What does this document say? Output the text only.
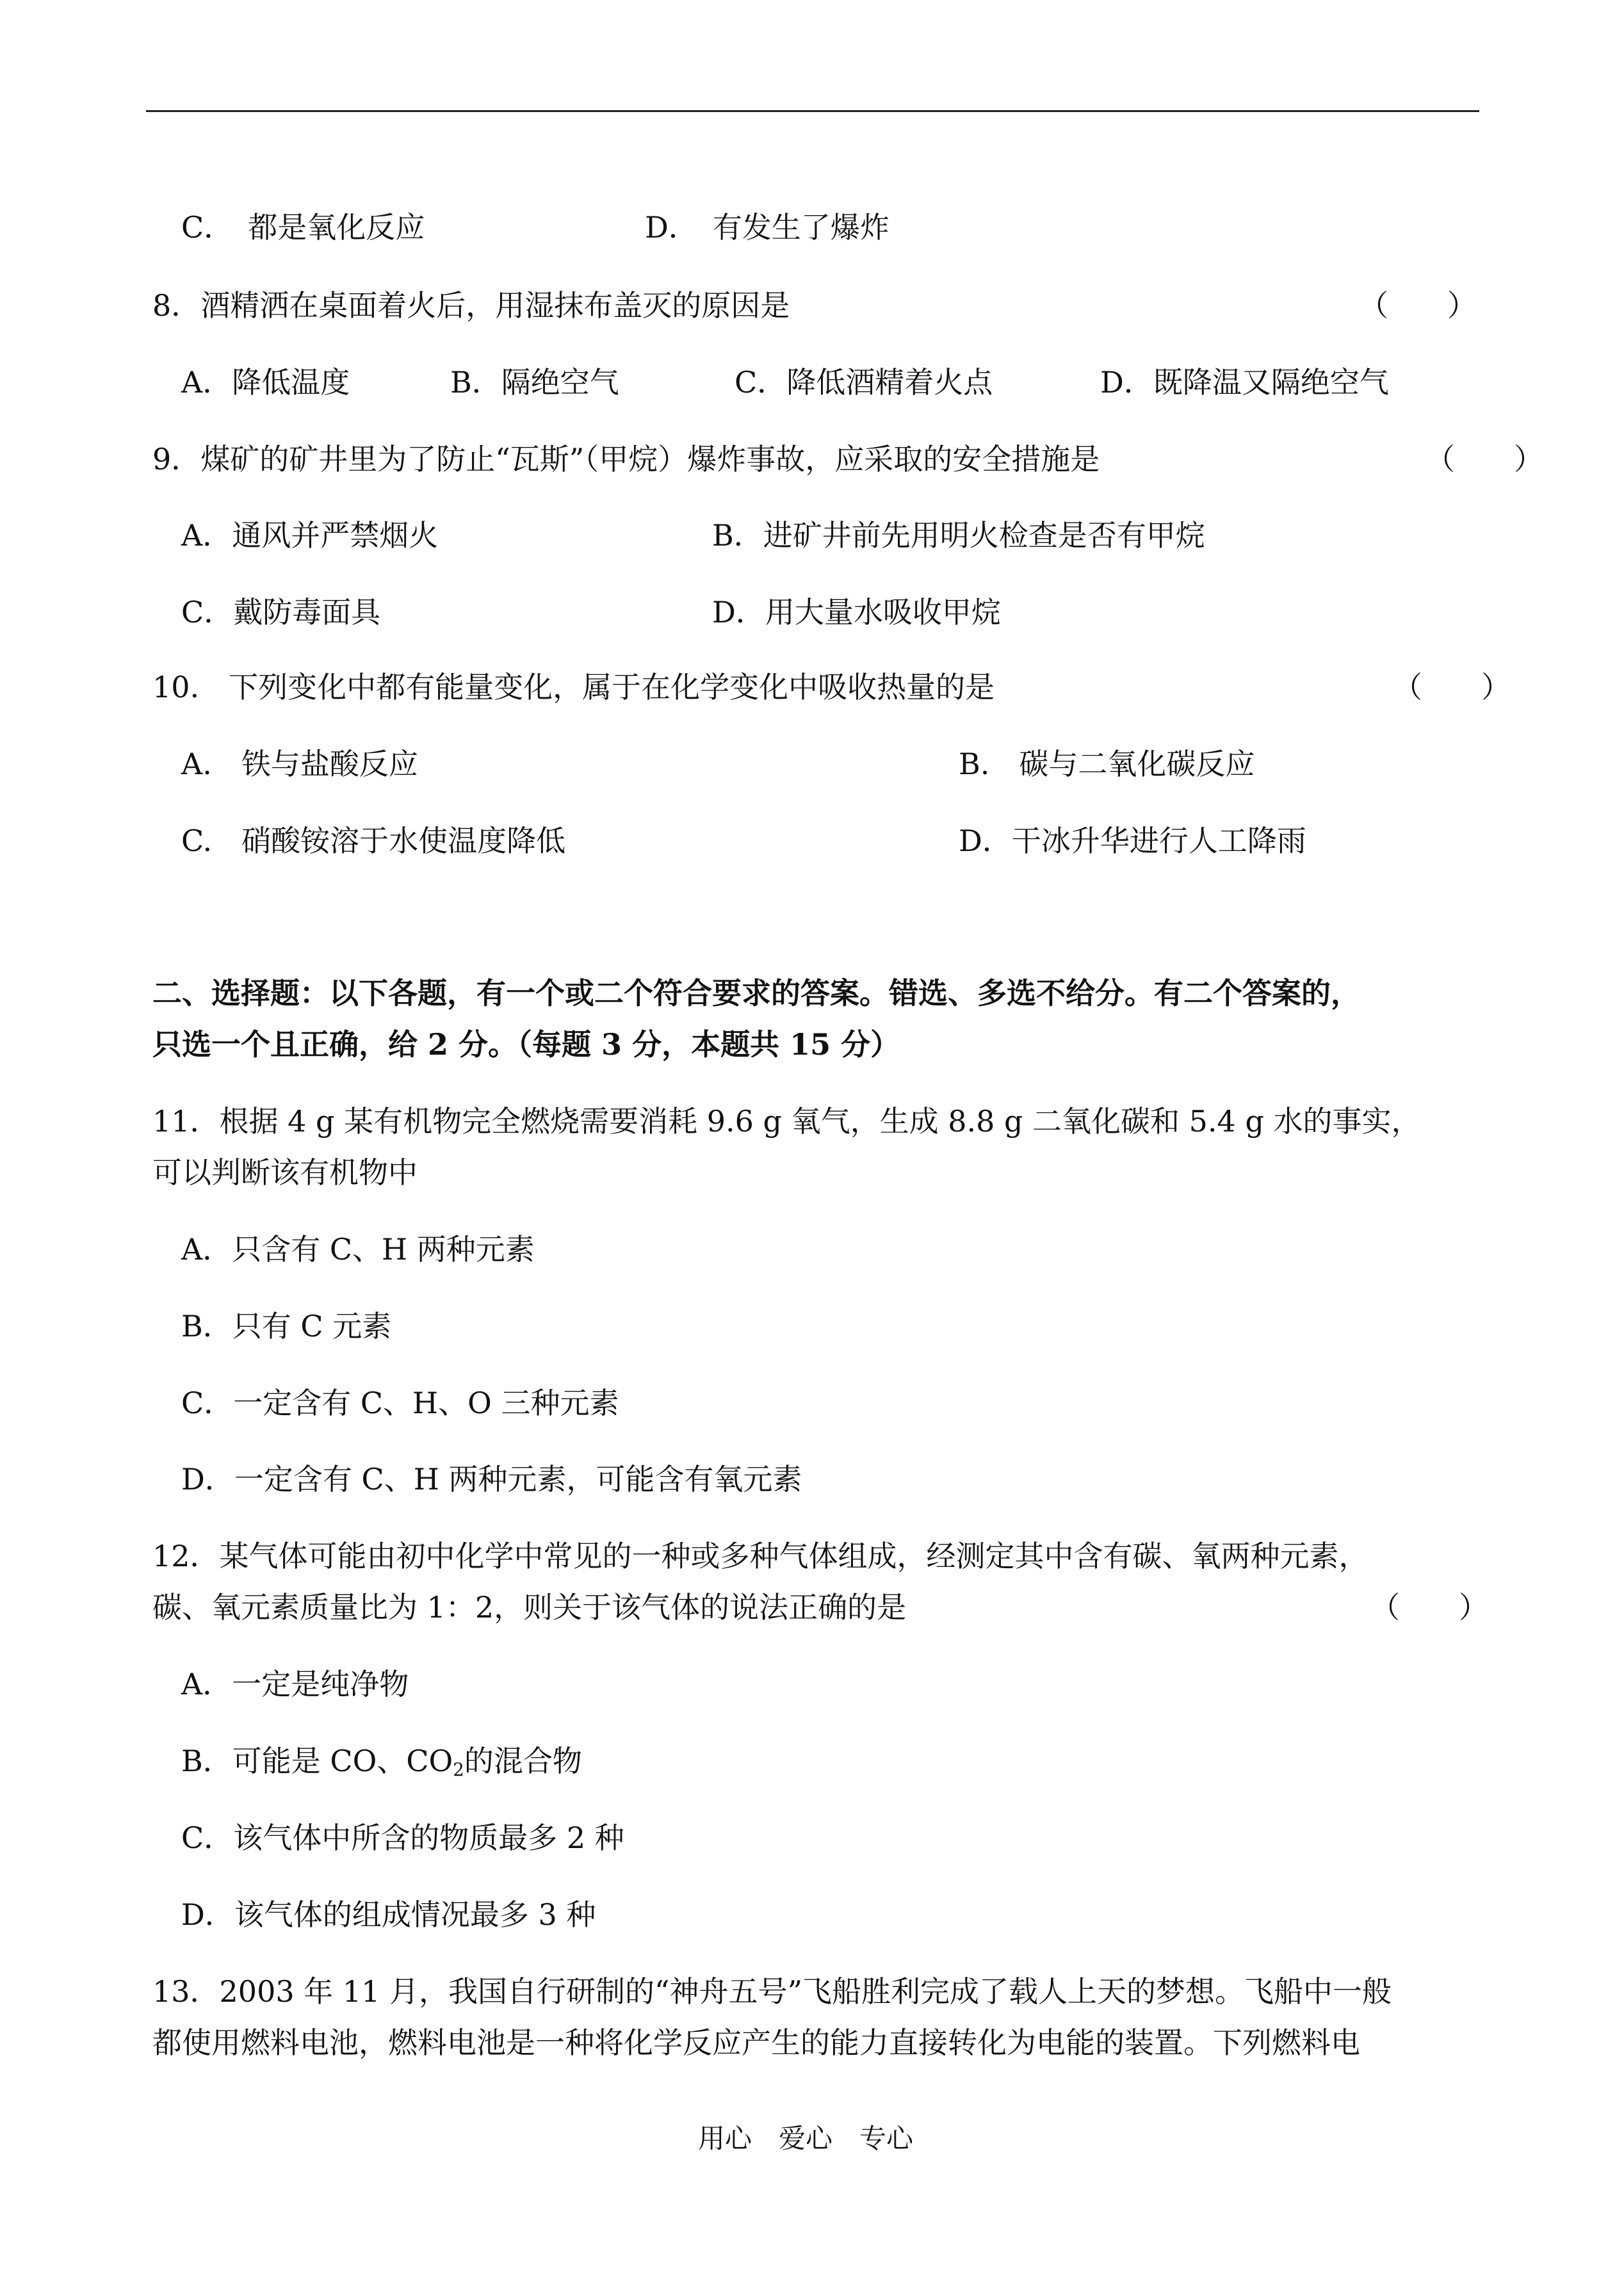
C．　都是氧化反应	D．　有发生了爆炸
8．酒精洒在桌面着火后，用湿抹布盖灭的原因是	（　　）
A．降低温度	B．隔绝空气	C．降低酒精着火点	D．既降温又隔绝空气
9．煤矿的矿井里为了防止“瓦斯”（甲烷）爆炸事故，应采取的安全措施是	（　　）
A．通风并严禁烟火	B．进矿井前先用明火检查是否有甲烷
C．戴防毒面具	D．用大量水吸收甲烷
10.　下列变化中都有能量变化，属于在化学变化中吸收热量的是	（　　）
A.　铁与盐酸反应	B.　碳与二氧化碳反应
C.　硝酸铵溶于水使温度降低	D．干冰升华进行人工降雨
二、选择题：以下各题，有一个或二个符合要求的答案。错选、多选不给分。有二个答案的，
只选一个且正确，给 2 分。（每题 3 分，本题共 15 分）
11．根据 4 g 某有机物完全燃烧需要消耗 9.6 g 氧气，生成 8.8 g 二氧化碳和 5.4 g 水的事实，
可以判断该有机物中
A．只含有 C、H 两种元素
B．只有 C 元素
C．一定含有 C、H、O 三种元素
D．一定含有 C、H 两种元素，可能含有氧元素
12．某气体可能由初中化学中常见的一种或多种气体组成，经测定其中含有碳、氧两种元素，
碳、氧元素质量比为 1：2，则关于该气体的说法正确的是	（　　）
A．一定是纯净物
B．可能是 CO、$CO_2$的混合物
C．该气体中所含的物质最多 2 种
D．该气体的组成情况最多 3 种
13．2003 年 11 月，我国自行研制的“神舟五号”飞船胜利完成了载人上天的梦想。飞船中一般
都使用燃料电池，燃料电池是一种将化学反应产生的能力直接转化为电能的装置。下列燃料电
用心　爱心　专心
